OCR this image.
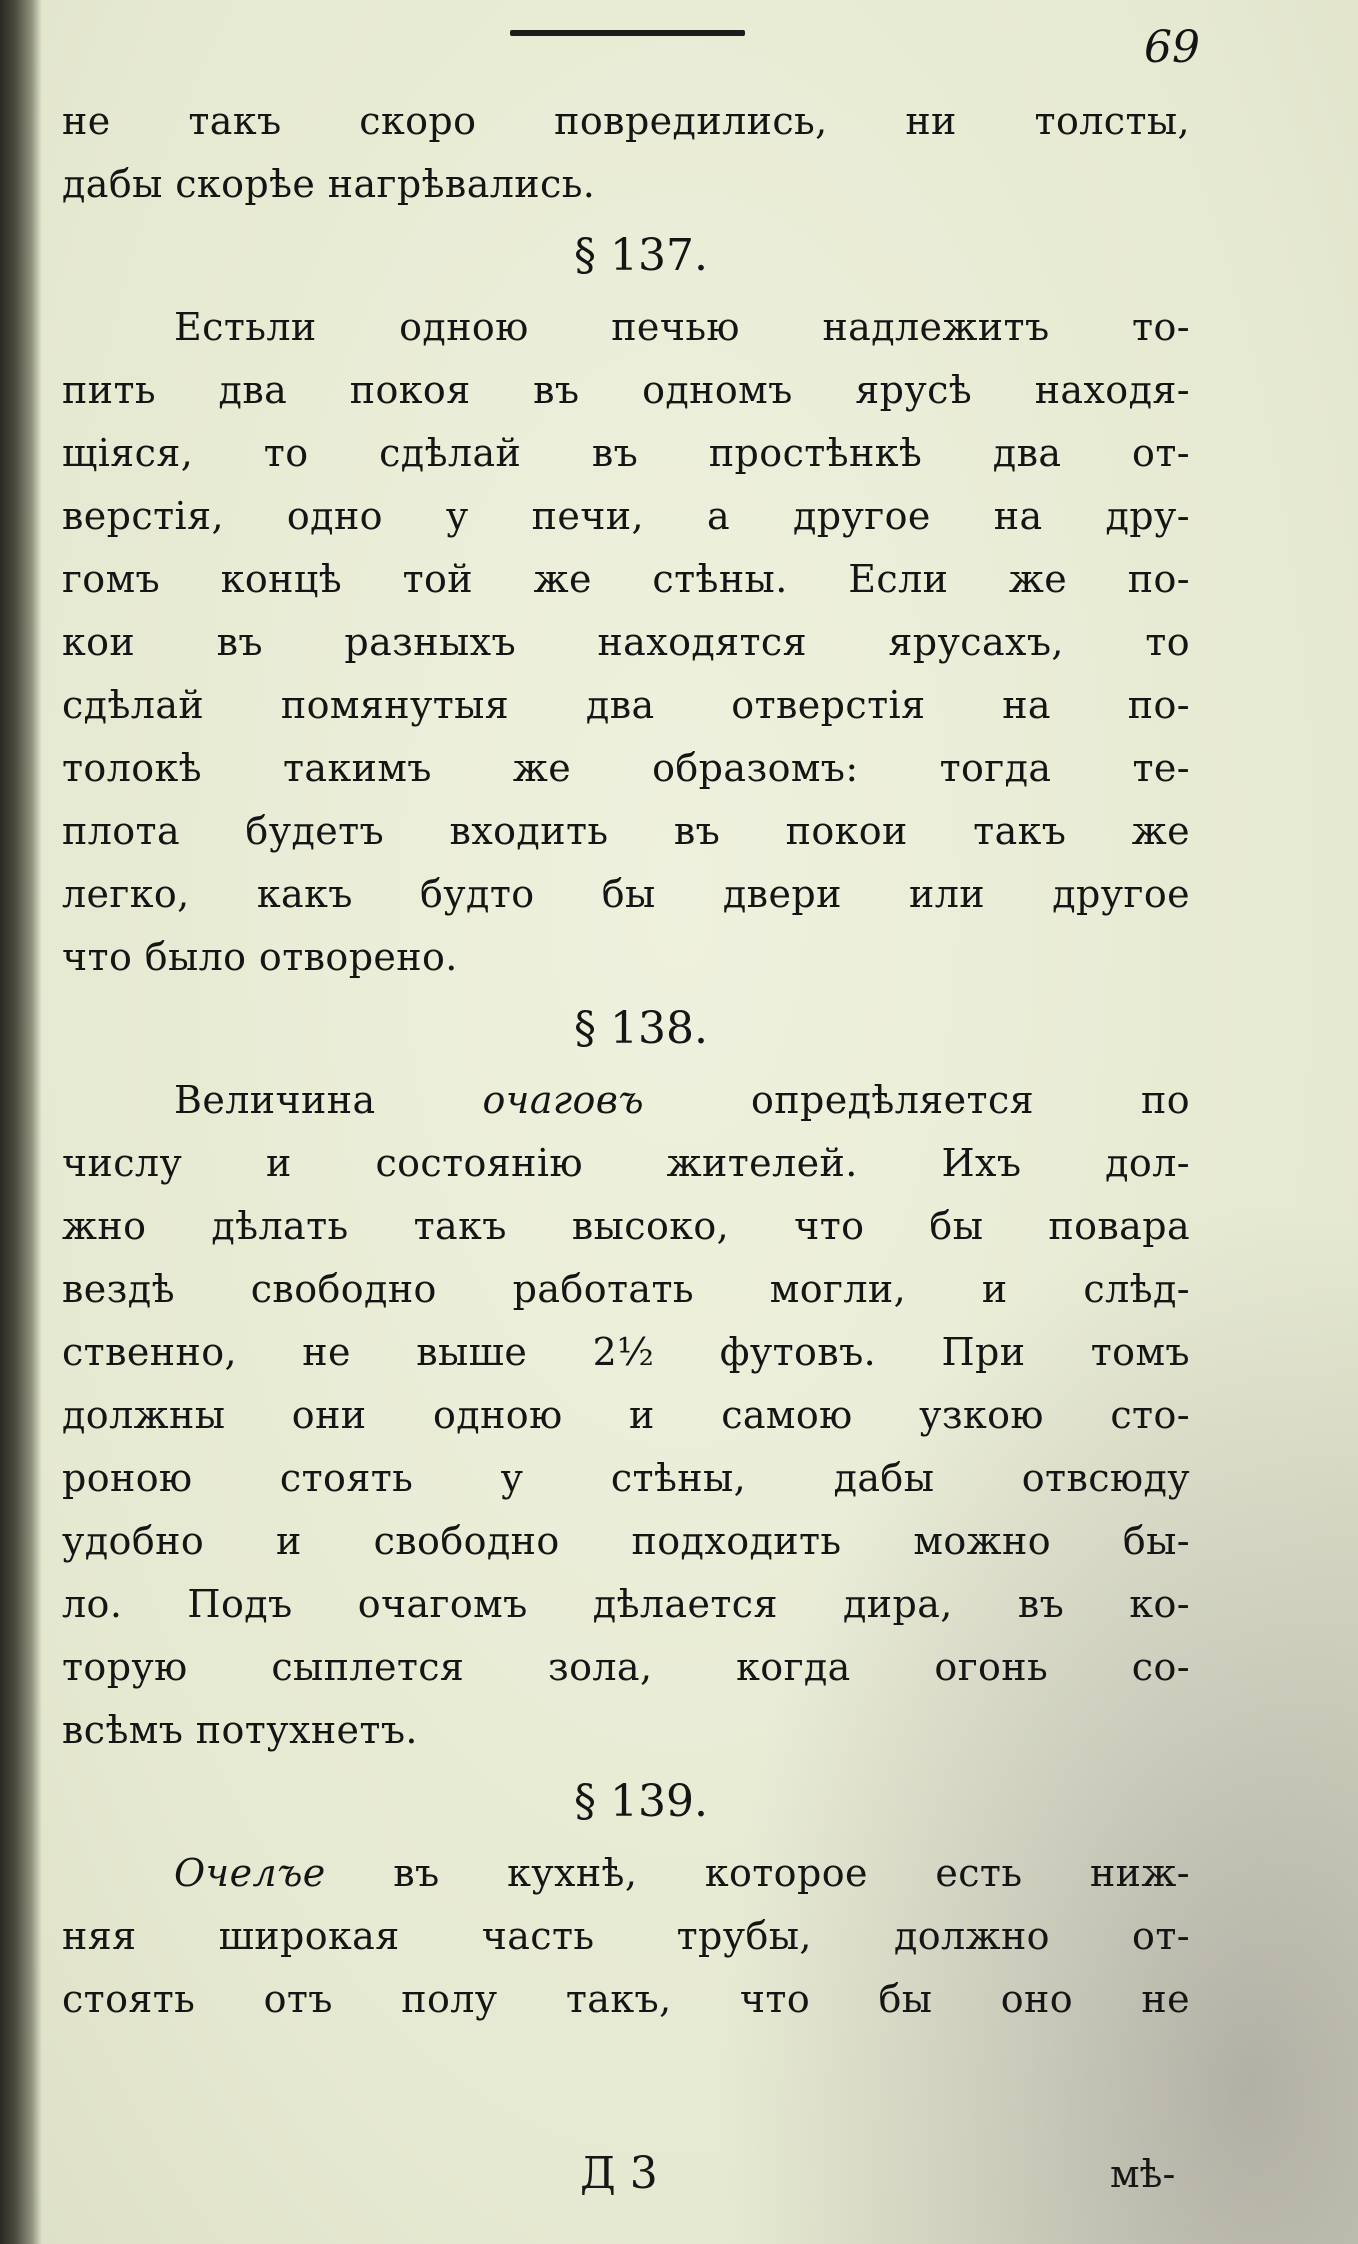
69
не такъ скоро повредились, ни толсты,
дабы скорѣе нагрѣвались.
§ 137.
Естьли одною печью надлежитъ то-
пить два покоя въ одномъ ярусѣ находя-
щіяся, то сдѣлай въ простѣнкѣ два от-
верстія, одно у печи, а другое на дру-
гомъ концѣ той же стѣны. Если же по-
кои въ разныхъ находятся ярусахъ, то
сдѣлай помянутыя два отверстія на по-
толокѣ такимъ же образомъ: тогда те-
плота будетъ входить въ покои такъ же
легко, какъ будто бы двери или другое
что было отворено.
§ 138.
Величина очаговъ опредѣляется по
числу и состоянію жителей. Ихъ дол-
жно дѣлать такъ высоко, что бы повара
вездѣ свободно работать могли, и слѣд-
ственно, не выше 2½ футовъ. При томъ
должны они одною и самою узкою сто-
роною стоять у стѣны, дабы отвсюду
удобно и свободно подходить можно бы-
ло. Подъ очагомъ дѣлается дира, въ ко-
торую сыплется зола, когда огонь со-
всѣмъ потухнетъ.
§ 139.
Очелъе въ кухнѣ, которое есть ниж-
няя широкая часть трубы, должно от-
стоять отъ полу такъ, что бы оно не
Д 3	мѣ-
